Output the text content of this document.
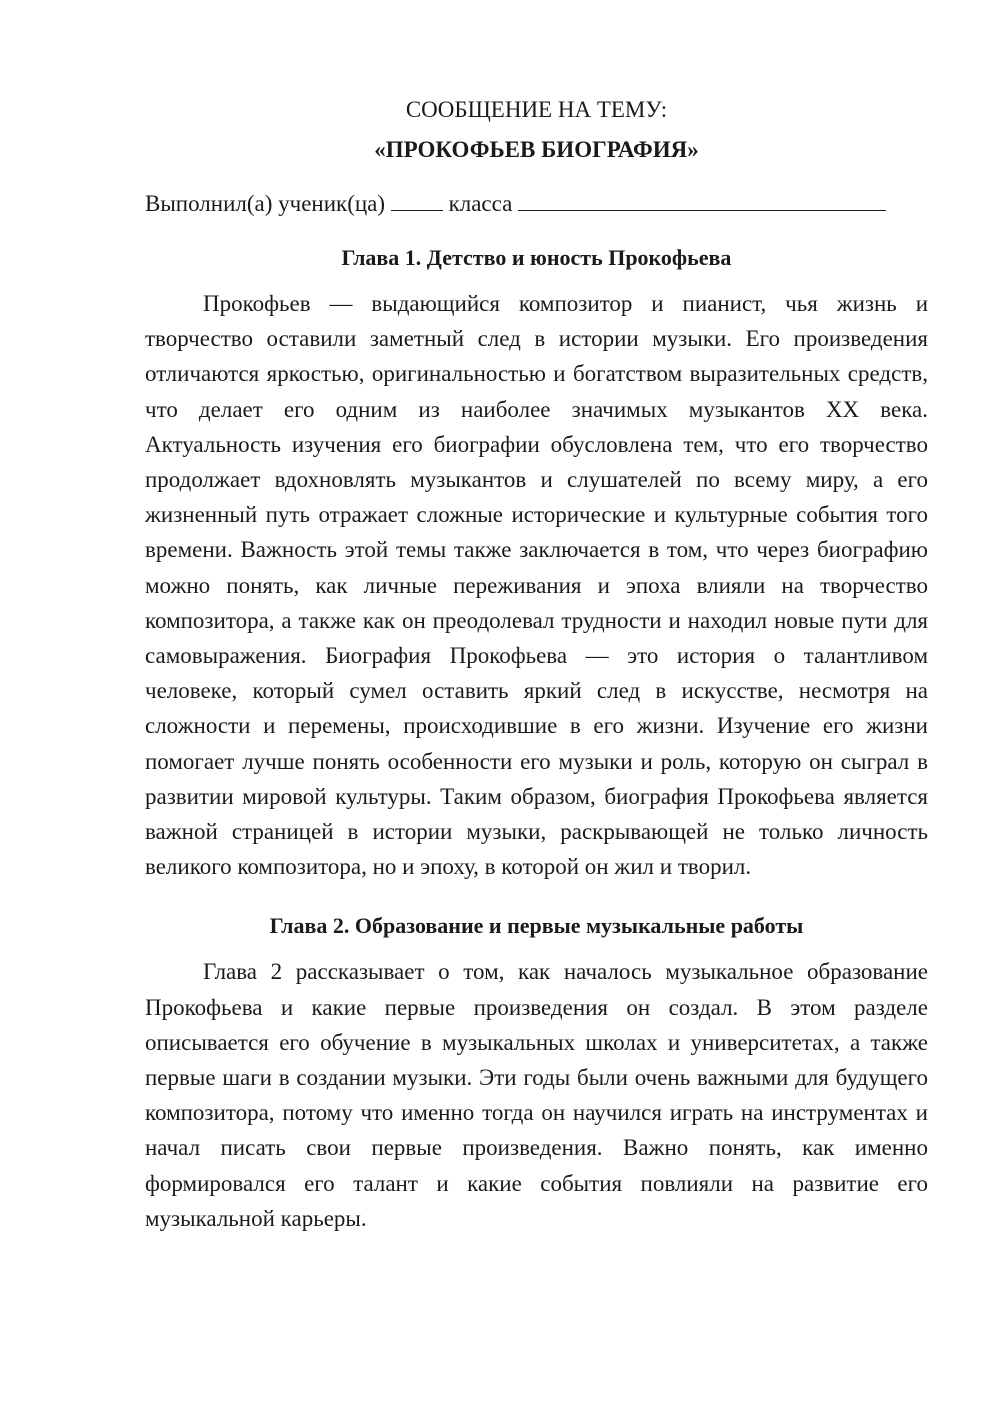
СООБЩЕНИЕ НА ТЕМУ:
«ПРОКОФЬЕВ БИОГРАФИЯ»

Выполнил(а) ученик(ца)	класса

Глава 1. Детство и юность Прокофьева

Прокофьев — выдающийся композитор и пианист, чья жизнь и творчество оставили заметный след в истории музыки. Его произведения отличаются яркостью, оригинальностью и богатством выразительных средств, что делает его одним из наиболее значимых музыкантов XX века. Актуальность изучения его биографии обусловлена тем, что его творчество продолжает вдохновлять музыкантов и слушателей по всему миру, а его жизненный путь отражает сложные исторические и культурные события того времени. Важность этой темы также заключается в том, что через биографию можно понять, как личные переживания и эпоха влияли на творчество композитора, а также как он преодолевал трудности и находил новые пути для самовыражения. Биография Прокофьева — это история о талантливом человеке, который сумел оставить яркий след в искусстве, несмотря на сложности и перемены, происходившие в его жизни. Изучение его жизни помогает лучше понять особенности его музыки и роль, которую он сыграл в развитии мировой культуры. Таким образом, биография Прокофьева является важной страницей в истории музыки, раскрывающей не только личность великого композитора, но и эпоху, в которой он жил и творил.

Глава 2. Образование и первые музыкальные работы

Глава 2 рассказывает о том, как началось музыкальное образование Прокофьева и какие первые произведения он создал. В этом разделе описывается его обучение в музыкальных школах и университетах, а также первые шаги в создании музыки. Эти годы были очень важными для будущего композитора, потому что именно тогда он научился играть на инструментах и начал писать свои первые произведения. Важно понять, как именно формировался его талант и какие события повлияли на развитие его музыкальной карьеры.
